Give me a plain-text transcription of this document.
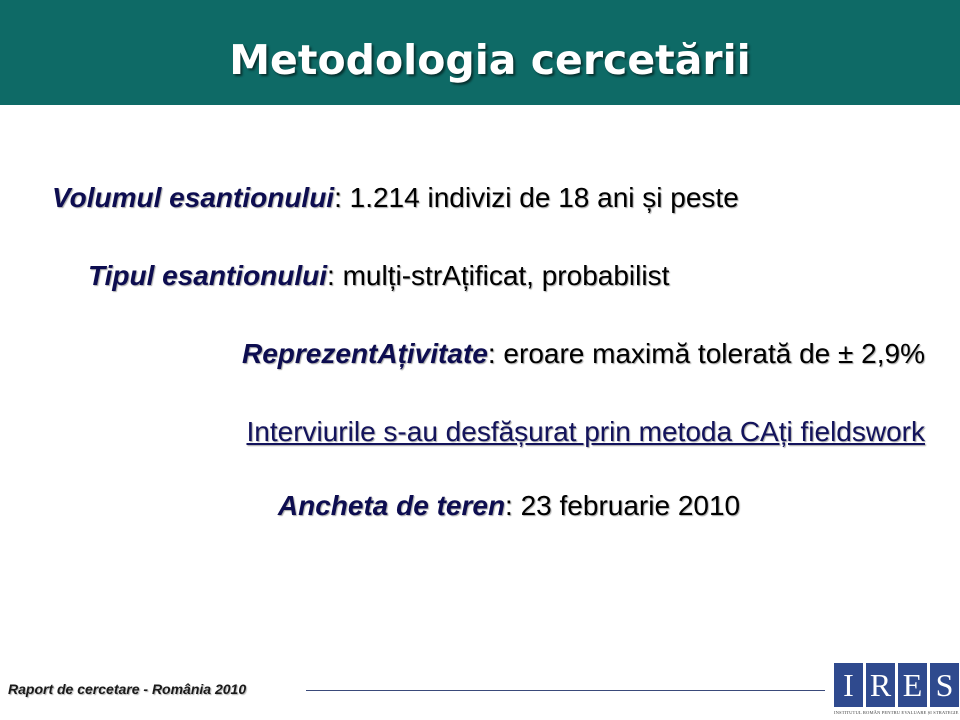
Metodologia cercetării
Volumul esantionului: 1.214 indivizi de 18 ani și peste
Tipul esantionului: mulți-strAțificat, probabilist
ReprezentAțivitate: eroare maximă tolerată de ± 2,9%
Interviurile s-au desfășurat prin metoda CAți fieldswork
Ancheta de teren: 23 februarie 2010
Raport de cercetare - România 2010	I R E S
INSTITUTUL ROMÂN PENTRU EVALUARE ȘI STRATEGIE
